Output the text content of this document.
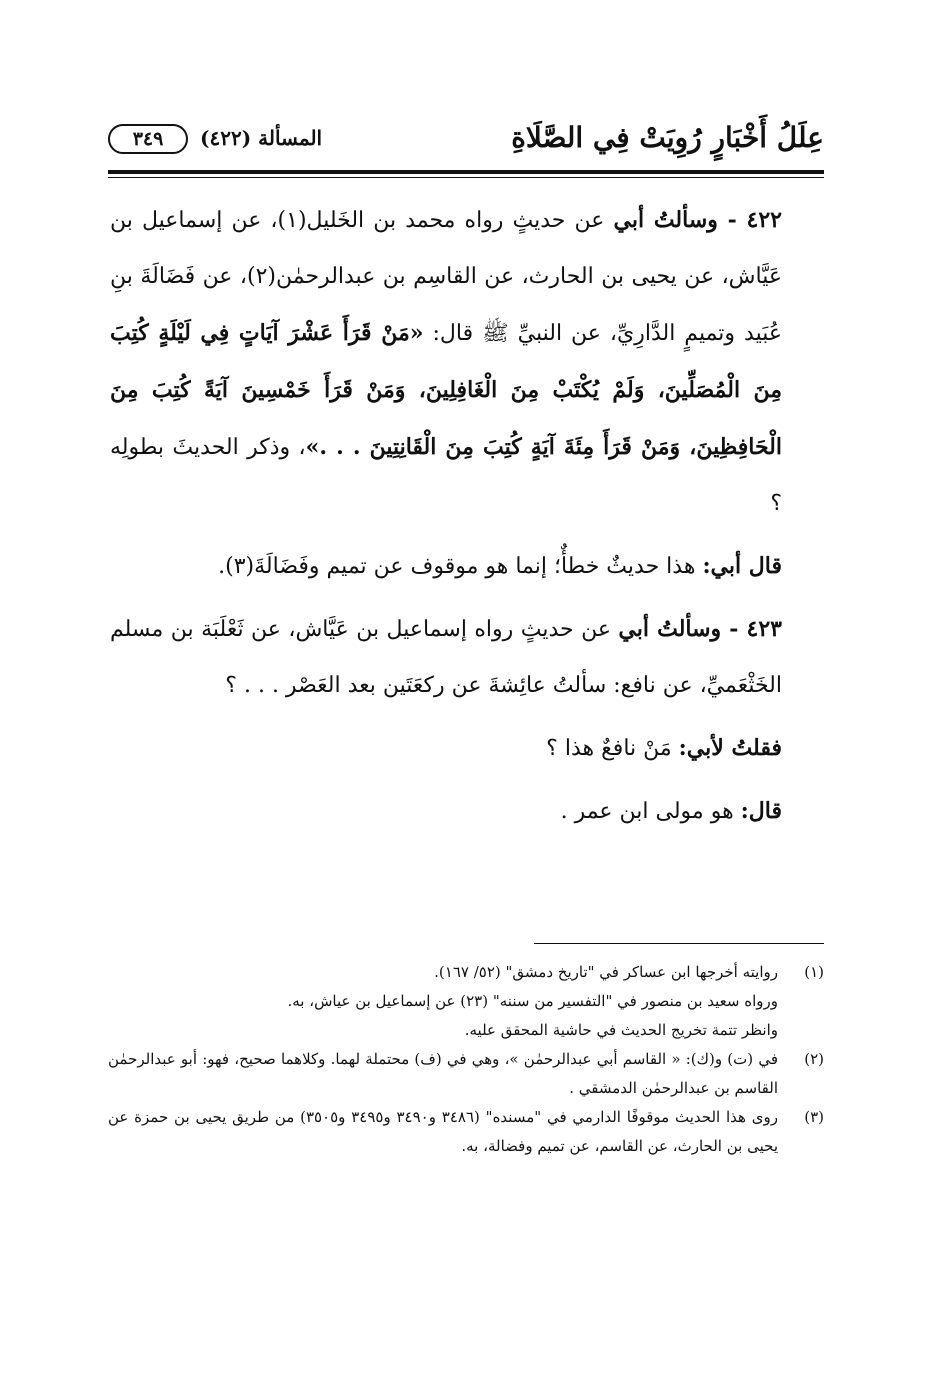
عِلَلُ أَخْبَارٍ رُوِيَتْ فِي الصَّلَاةِ
المسألة (٤٢٢)
٣٤٩

٤٢٢ - وسألتُ أبي عن حديثٍ رواه محمد بن الخَليل(١)، عن إسماعيل بن عَيَّاش، عن يحيى بن الحارث، عن القاسِم بن عبدالرحمٰن(٢)، عن فَضَالَةَ بنِ عُبَيد وتميمٍ الدَّارِيِّ، عن النبيِّ ﷺ قال: «مَنْ قَرَأَ عَشْرَ آيَاتٍ فِي لَيْلَةٍ كُتِبَ مِنَ الْمُصَلِّينَ، وَلَمْ يُكْتَبْ مِنَ الْغَافِلِينَ، وَمَنْ قَرَأَ خَمْسِينَ آيَةً كُتِبَ مِنَ الْحَافِظِينَ، وَمَنْ قَرَأَ مِئَةَ آيَةٍ كُتِبَ مِنَ الْقَانِتِينَ . . .»، وذكر الحديثَ بطولِه ؟

قال أبي: هذا حديثٌ خطأٌ؛ إنما هو موقوف عن تميم وفَضَالَةَ(٣).

٤٢٣ - وسألتُ أبي عن حديثٍ رواه إسماعيل بن عَيَّاش، عن ثَعْلَبَة بن مسلم الخَثْعَميِّ، عن نافع: سألتُ عائِشةَ عن ركعَتَين بعد العَصْر . . . ؟

فقلتُ لأبي: مَنْ نافعٌ هذا ؟

قال: هو مولى ابن عمر .

(١)
روايته أخرجها ابن عساكر في "تاريخ دمشق" (٥٢/ ١٦٧).
ورواه سعيد بن منصور في "التفسير من سننه" (٢٣) عن إسماعيل بن عياش، به.
وانظر تتمة تخريج الحديث في حاشية المحقق عليه.
(٢)
في (ت) و(ك): « القاسم أبي عبدالرحمٰن »، وهي في (ف) محتملة لهما. وكلاهما صحيح، فهو: أبو عبدالرحمٰن القاسم بن عبدالرحمٰن الدمشقي .
(٣)
روى هذا الحديث موقوفًا الدارمي في "مسنده" (٣٤٨٦ و٣٤٩٠ و٣٤٩٥ و٣٥٠٥) من طريق يحيى بن حمزة عن يحيى بن الحارث، عن القاسم، عن تميم وفضالة، به.
